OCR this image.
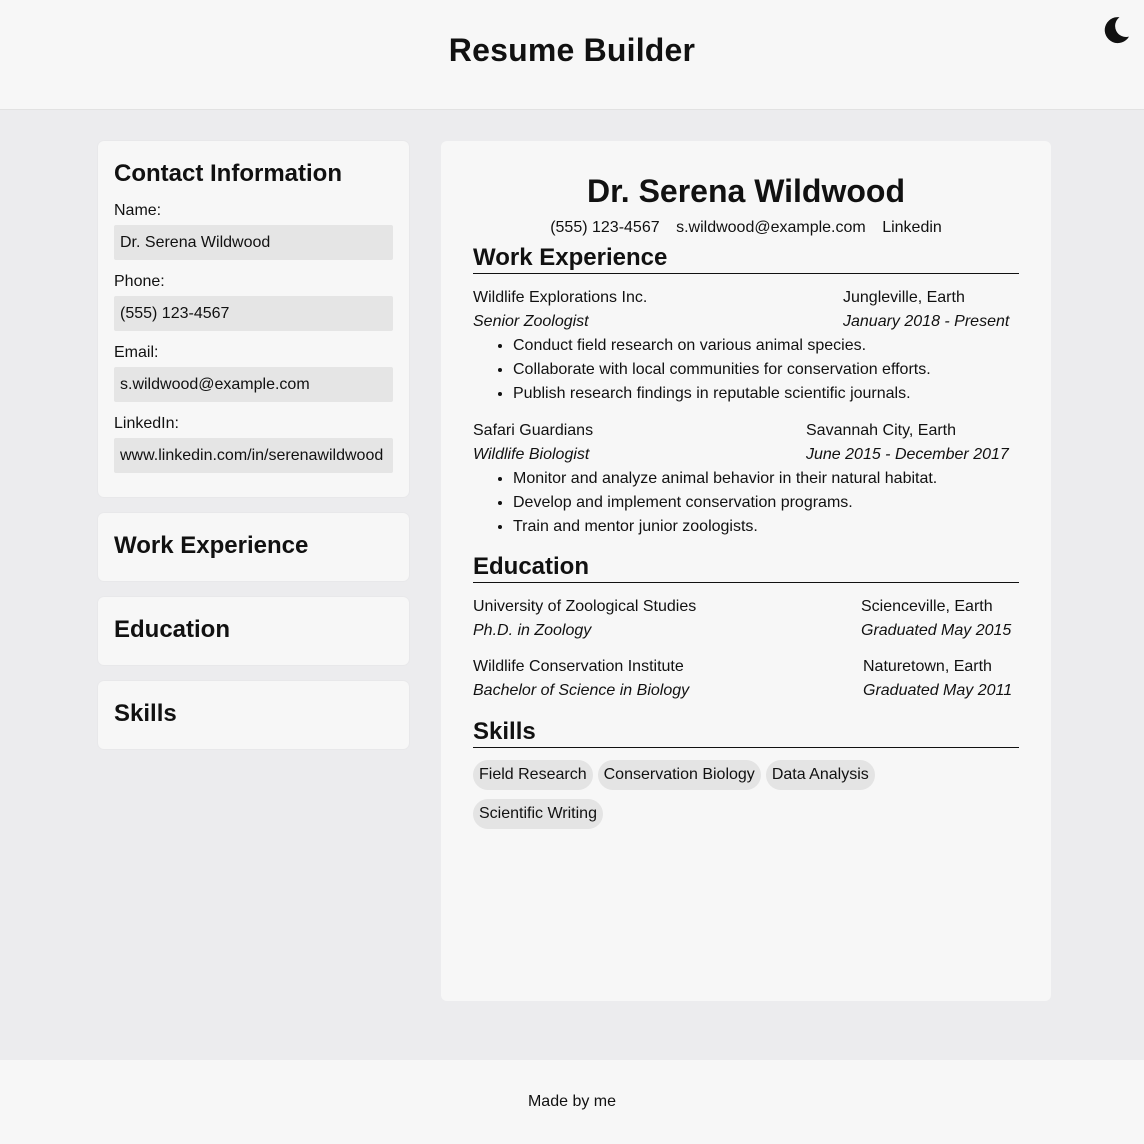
Resume Builder
Contact Information
Name:
Dr. Serena Wildwood
Phone:
(555) 123-4567
Email:
s.wildwood@example.com
LinkedIn:
www.linkedin.com/in/serenawildwood
Work Experience
Education
Skills
Dr. Serena Wildwood
(555) 123-4567 s.wildwood@example.com Linkedin
Work Experience
Wildlife Explorations Inc.	Jungleville, Earth
Senior Zoologist	January 2018 - Present
• Conduct field research on various animal species.
• Collaborate with local communities for conservation efforts.
• Publish research findings in reputable scientific journals.
Safari Guardians	Savannah City, Earth
Wildlife Biologist	June 2015 - December 2017
• Monitor and analyze animal behavior in their natural habitat.
• Develop and implement conservation programs.
• Train and mentor junior zoologists.
Education
University of Zoological Studies	Scienceville, Earth
Ph.D. in Zoology	Graduated May 2015
Wildlife Conservation Institute	Naturetown, Earth
Bachelor of Science in Biology	Graduated May 2011
Skills
Field Research	Conservation Biology	Data Analysis
Scientific Writing
Made by me
